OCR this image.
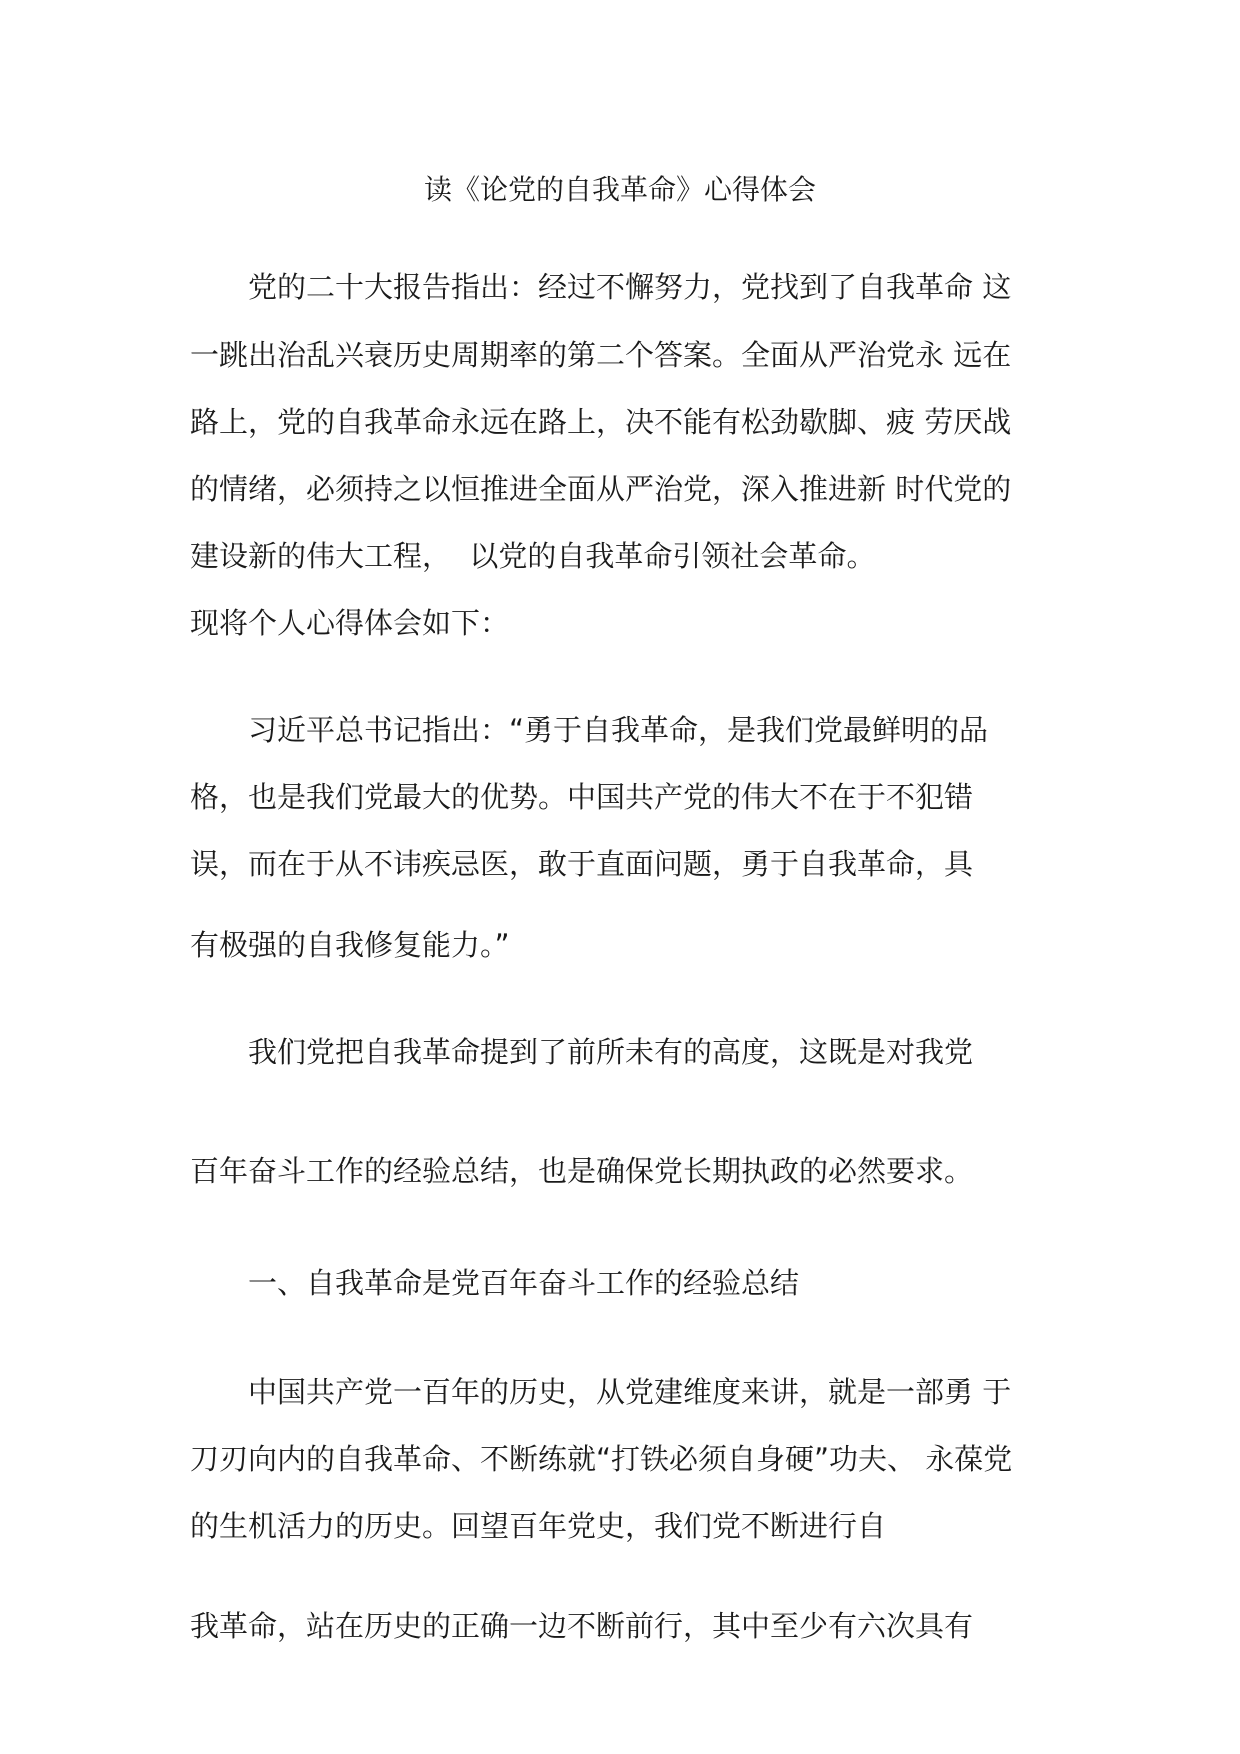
读《论党的自我革命》心得体会
　　党的二十大报告指出：经过不懈努力，党找到了自我革命 这
一跳出治乱兴衰历史周期率的第二个答案。全面从严治党永 远在
路上，党的自我革命永远在路上，决不能有松劲歇脚、疲 劳厌战
的情绪，必须持之以恒推进全面从严治党，深入推进新 时代党的
建设新的伟大工程，  以党的自我革命引领社会革命。
现将个人心得体会如下：
　　习近平总书记指出：“勇于自我革命，是我们党最鲜明的品
格，也是我们党最大的优势。中国共产党的伟大不在于不犯错
误，而在于从不讳疾忌医，敢于直面问题，勇于自我革命，具
有极强的自我修复能力。”
　　我们党把自我革命提到了前所未有的高度，这既是对我党
百年奋斗工作的经验总结，也是确保党长期执政的必然要求。
　　一、自我革命是党百年奋斗工作的经验总结
　　中国共产党一百年的历史，从党建维度来讲，就是一部勇 于
刀刃向内的自我革命、不断练就“打铁必须自身硬”功夫、 永葆党
的生机活力的历史。回望百年党史，我们党不断进行自
我革命，站在历史的正确一边不断前行，其中至少有六次具有
